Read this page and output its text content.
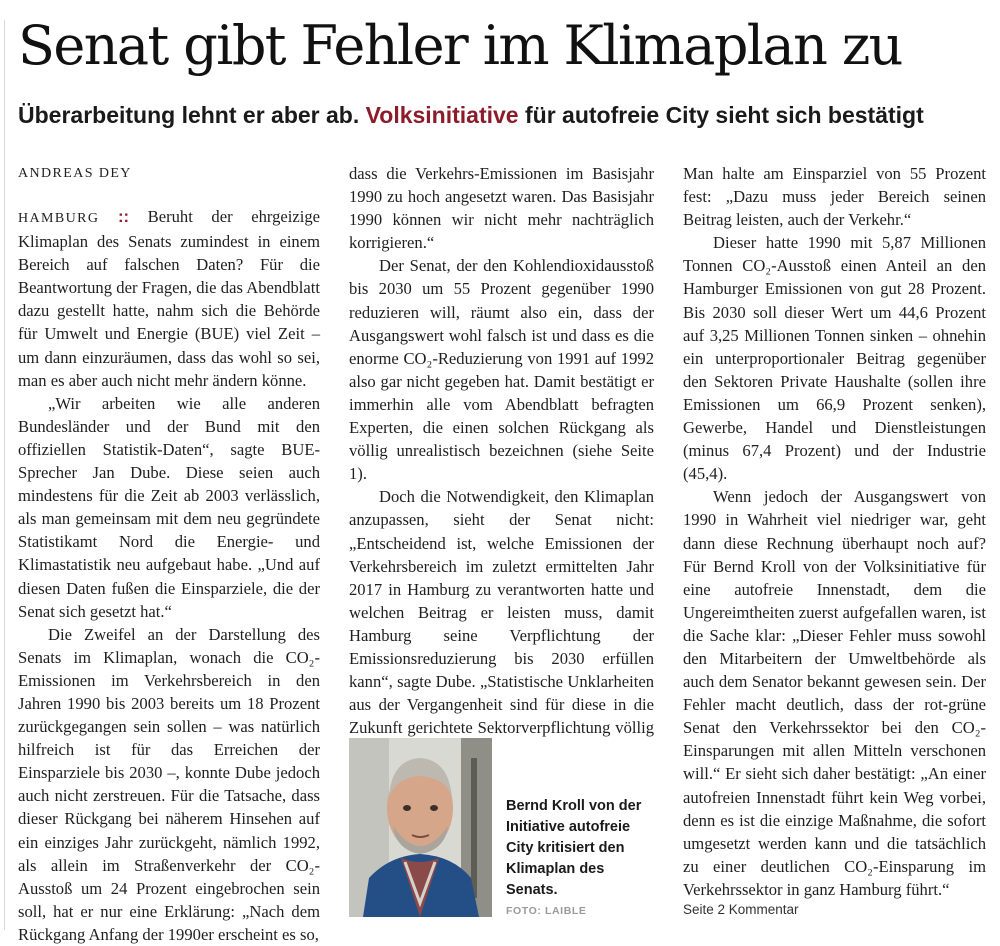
Senat gibt Fehler im Klimaplan zu
Überarbeitung lehnt er aber ab. Volksinitiative für autofreie City sieht sich bestätigt
ANDREAS DEY

HAMBURG :: Beruht der ehrgeizige Klimaplan des Senats zumindest in einem Bereich auf falschen Daten? Für die Beantwortung der Fragen, die das Abendblatt dazu gestellt hatte, nahm sich die Behörde für Umwelt und Energie (BUE) viel Zeit – um dann einzuräumen, dass das wohl so sei, man es aber auch nicht mehr ändern könne.

„Wir arbeiten wie alle anderen Bundesländer und der Bund mit den offiziellen Statistik-Daten“, sagte BUE-Sprecher Jan Dube. Diese seien auch mindestens für die Zeit ab 2003 verlässlich, als man gemeinsam mit dem neu gegründete Statistikamt Nord die Energie- und Klimastatistik neu aufgebaut habe. „Und auf diesen Daten fußen die Einsparziele, die der Senat sich gesetzt hat.“

Die Zweifel an der Darstellung des Senats im Klimaplan, wonach die CO₂-Emissionen im Verkehrsbereich in den Jahren 1990 bis 2003 bereits um 18 Prozent zurückgegangen sein sollen – was natürlich hilfreich ist für das Erreichen der Einsparziele bis 2030 –, konnte Dube jedoch auch nicht zerstreuen. Für die Tatsache, dass dieser Rückgang bei näherem Hinsehen auf ein einziges Jahr zurückgeht, nämlich 1992, als allein im Straßenverkehr der CO₂-Ausstoß um 24 Prozent eingebrochen sein soll, hat er nur eine Erklärung: „Nach dem Rückgang Anfang der 1990er erscheint es so,

dass die Verkehrs-Emissionen im Basisjahr 1990 zu hoch angesetzt waren. Das Basisjahr 1990 können wir nicht mehr nachträglich korrigieren.“

Der Senat, der den Kohlendioxidausstoß bis 2030 um 55 Prozent gegenüber 1990 reduzieren will, räumt also ein, dass der Ausgangswert wohl falsch ist und dass es die enorme CO₂-Reduzierung von 1991 auf 1992 also gar nicht gegeben hat. Damit bestätigt er immerhin alle vom Abendblatt befragten Experten, die einen solchen Rückgang als völlig unrealistisch bezeichnen (siehe Seite 1).

Doch die Notwendigkeit, den Klimaplan anzupassen, sieht der Senat nicht: „Entscheidend ist, welche Emissionen der Verkehrsbereich im zuletzt ermittelten Jahr 2017 in Hamburg zu verantworten hatte und welchen Beitrag er leisten muss, damit Hamburg seine Verpflichtung der Emissionsreduzierung bis 2030 erfüllen kann“, sagte Dube. „Statistische Unklarheiten aus der Vergangenheit sind für diese in die Zukunft gerichtete Sektorverpflichtung völlig

Man halte am Einsparziel von 55 Prozent fest: „Dazu muss jeder Bereich seinen Beitrag leisten, auch der Verkehr.“

Dieser hatte 1990 mit 5,87 Millionen Tonnen CO₂-Ausstoß einen Anteil an den Hamburger Emissionen von gut 28 Prozent. Bis 2030 soll dieser Wert um 44,6 Prozent auf 3,25 Millionen Tonnen sinken – ohnehin ein unterproportionaler Beitrag gegenüber den Sektoren Private Haushalte (sollen ihre Emissionen um 66,9 Prozent senken), Gewerbe, Handel und Dienstleistungen (minus 67,4 Prozent) und der Industrie (45,4).

Wenn jedoch der Ausgangswert von 1990 in Wahrheit viel niedriger war, geht dann diese Rechnung überhaupt noch auf? Für Bernd Kroll von der Volksinitiative für eine autofreie Innenstadt, dem die Ungereimtheiten zuerst aufgefallen waren, ist die Sache klar: „Dieser Fehler muss sowohl den Mitarbeitern der Umweltbehörde als auch dem Senator bekannt gewesen sein. Der Fehler macht deutlich, dass der rot-grüne Senat den Verkehrssektor bei den CO₂-Einsparungen mit allen Mitteln verschonen will.“ Er sieht sich daher bestätigt: „An einer autofreien Innenstadt führt kein Weg vorbei, denn es ist die einzige Maßnahme, die sofort umgesetzt werden kann und die tatsächlich zu einer deutlichen CO₂-Einsparung im Verkehrssektor in ganz Hamburg führt.“

Bernd Kroll von der Initiative autofreie City kritisiert den Klimaplan des Senats.
FOTO: LAIBLE	Seite 2 Kommentar
